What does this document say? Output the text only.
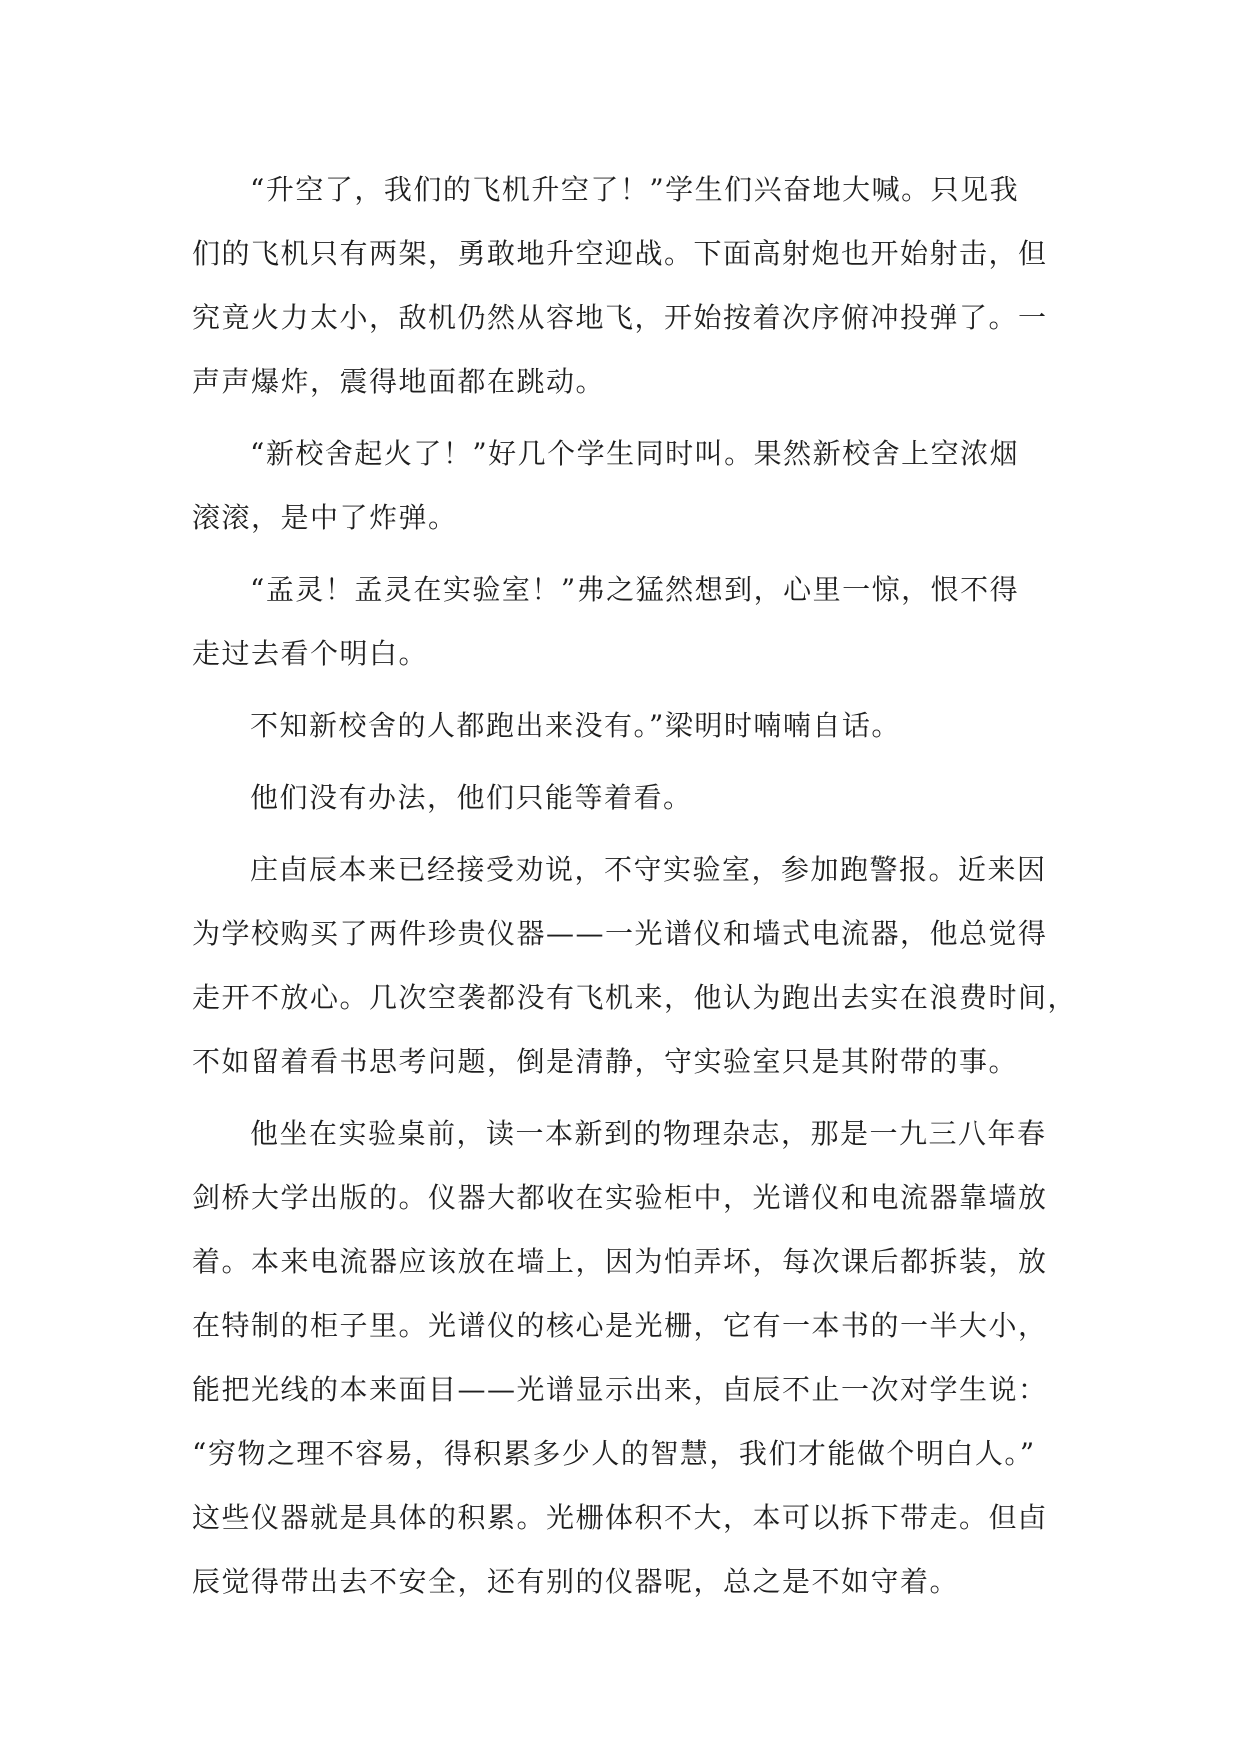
“升空了，我们的飞机升空了！”学生们兴奋地大喊。只见我
们的飞机只有两架，勇敢地升空迎战。下面高射炮也开始射击，但
究竟火力太小，敌机仍然从容地飞，开始按着次序俯冲投弹了。一
声声爆炸，震得地面都在跳动。
“新校舍起火了！”好几个学生同时叫。果然新校舍上空浓烟
滚滚，是中了炸弹。
“孟灵！孟灵在实验室！”弗之猛然想到，心里一惊，恨不得
走过去看个明白。
不知新校舍的人都跑出来没有。”梁明时喃喃自话。
他们没有办法，他们只能等着看。
庄卣辰本来已经接受劝说，不守实验室，参加跑警报。近来因
为学校购买了两件珍贵仪器——一光谱仪和墙式电流器，他总觉得
走开不放心。几次空袭都没有飞机来，他认为跑出去实在浪费时间，
不如留着看书思考问题，倒是清静，守实验室只是其附带的事。
他坐在实验桌前，读一本新到的物理杂志，那是一九三八年春
剑桥大学出版的。仪器大都收在实验柜中，光谱仪和电流器靠墙放
着。本来电流器应该放在墙上，因为怕弄坏，每次课后都拆装，放
在特制的柜子里。光谱仪的核心是光栅，它有一本书的一半大小，
能把光线的本来面目——光谱显示出来，卣辰不止一次对学生说：
“穷物之理不容易，得积累多少人的智慧，我们才能做个明白人。”
这些仪器就是具体的积累。光栅体积不大，本可以拆下带走。但卣
辰觉得带出去不安全，还有别的仪器呢，总之是不如守着。
